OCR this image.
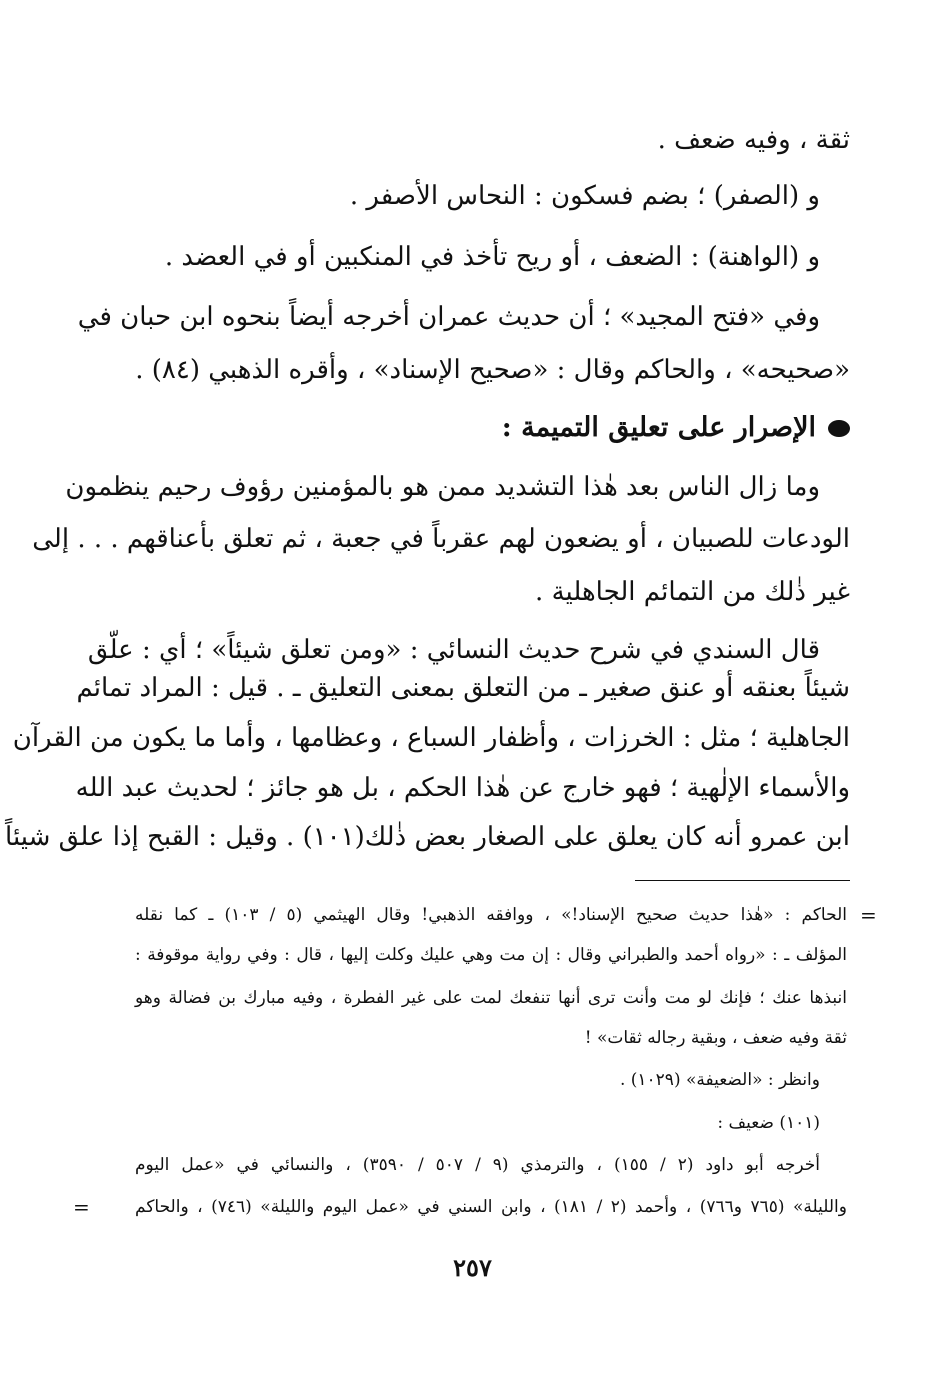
ثقة ، وفيه ضعف .
و (الصفر) ؛ بضم فسكون : النحاس الأصفر .
و (الواهنة) : الضعف ، أو ريح تأخذ في المنكبين أو في العضد .
وفي «فتح المجيد» ؛ أن حديث عمران أخرجه أيضاً بنحوه ابن حبان في
«صحيحه» ، والحاكم وقال : «صحيح الإسناد» ، وأقره الذهبي (٨٤) .
الإصرار على تعليق التميمة :
وما زال الناس بعد هٰذا التشديد ممن هو بالمؤمنين رؤوف رحيم ينظمون
الودعات للصبيان ، أو يضعون لهم عقرباً في جعبة ، ثم تعلق بأعناقهم . . . إلى
غير ذٰلك من التمائم الجاهلية .
قال السندي في شرح حديث النسائي : «ومن تعلق شيئاً» ؛ أي : علّق
شيئاً بعنقه أو عنق صغير ـ من التعلق بمعنى التعليق ـ . قيل : المراد تمائم
الجاهلية ؛ مثل : الخرزات ، وأظفار السباع ، وعظامها ، وأما ما يكون من القرآن
والأسماء الإلٰهية ؛ فهو خارج عن هٰذا الحكم ، بل هو جائز ؛ لحديث عبد الله
ابن عمرو أنه كان يعلق على الصغار بعض ذٰلك(١٠١) . وقيل : القبح إذا علق شيئاً
=
الحاكم : «هٰذا حديث صحيح الإسناد!» ، ووافقه الذهبي! وقال الهيثمي (٥ / ١٠٣) ـ كما نقله
المؤلف ـ : «رواه أحمد والطبراني وقال : إن مت وهي عليك وكلت إليها ، قال : وفي رواية موقوفة :
انبذها عنك ؛ فإنك لو مت وأنت ترى أنها تنفعك لمت على غير الفطرة ، وفيه مبارك بن فضالة وهو
ثقة وفيه ضعف ، وبقية رجاله ثقات» !
وانظر : «الضعيفة» (١٠٢٩) .
(١٠١) ضعيف :
أخرجه أبو داود (٢ / ١٥٥) ، والترمذي (٩ / ٥٠٧ / ٣٥٩٠) ، والنسائي في «عمل اليوم
والليلة» (٧٦٥ و٧٦٦) ، وأحمد (٢ / ١٨١) ، وابن السني في «عمل اليوم والليلة» (٧٤٦) ، والحاكم
=
٢٥٧
